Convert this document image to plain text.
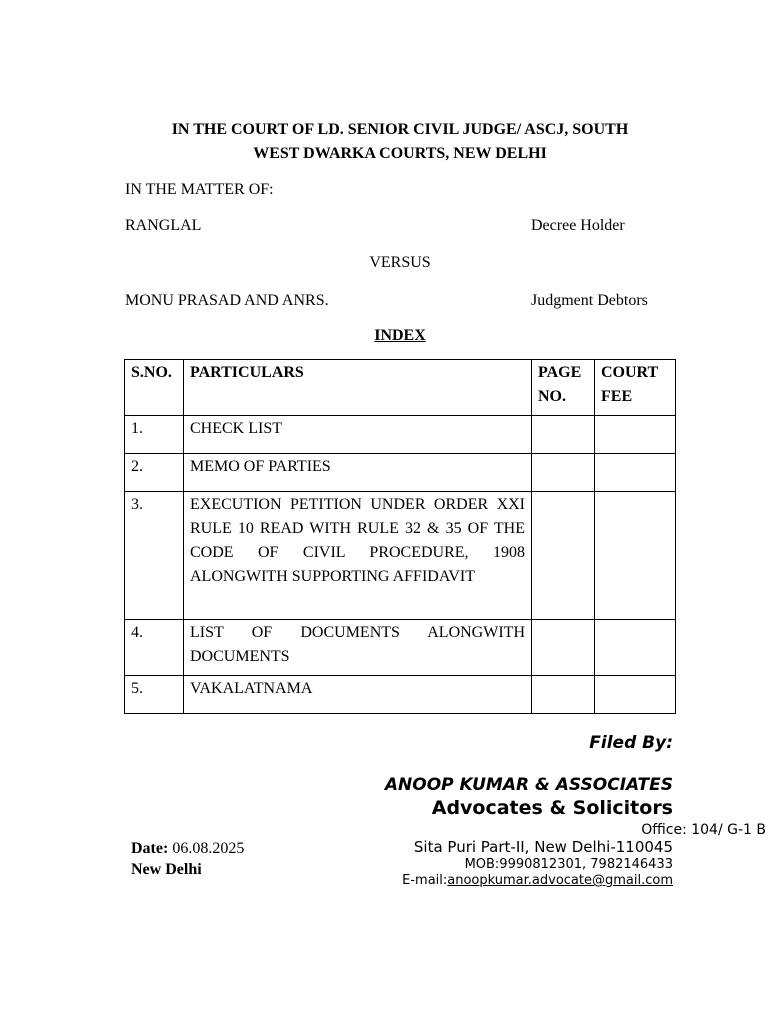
IN THE COURT OF LD. SENIOR CIVIL JUDGE/ ASCJ, SOUTH
WEST DWARKA COURTS, NEW DELHI
IN THE MATTER OF:
RANGLAL	Decree Holder
VERSUS
MONU PRASAD AND ANRS.	Judgment Debtors
INDEX
S.NO.	PARTICULARS	PAGE NO.	COURT FEE
1.	CHECK LIST		
2.	MEMO OF PARTIES		
3.	EXECUTION PETITION UNDER ORDER XXI RULE 10 READ WITH RULE 32 & 35 OF THE CODE OF CIVIL PROCEDURE, 1908 ALONGWITH SUPPORTING AFFIDAVIT		
4.	LIST OF DOCUMENTS ALONGWITH DOCUMENTS		
5.	VAKALATNAMA		
Filed By:
ANOOP KUMAR & ASSOCIATES
Advocates & Solicitors
Office: 104/ G-1 B
Sita Puri Part-II, New Delhi-110045
MOB:9990812301, 7982146433
E-mail:anoopkumar.advocate@gmail.com
Date: 06.08.2025
New Delhi
